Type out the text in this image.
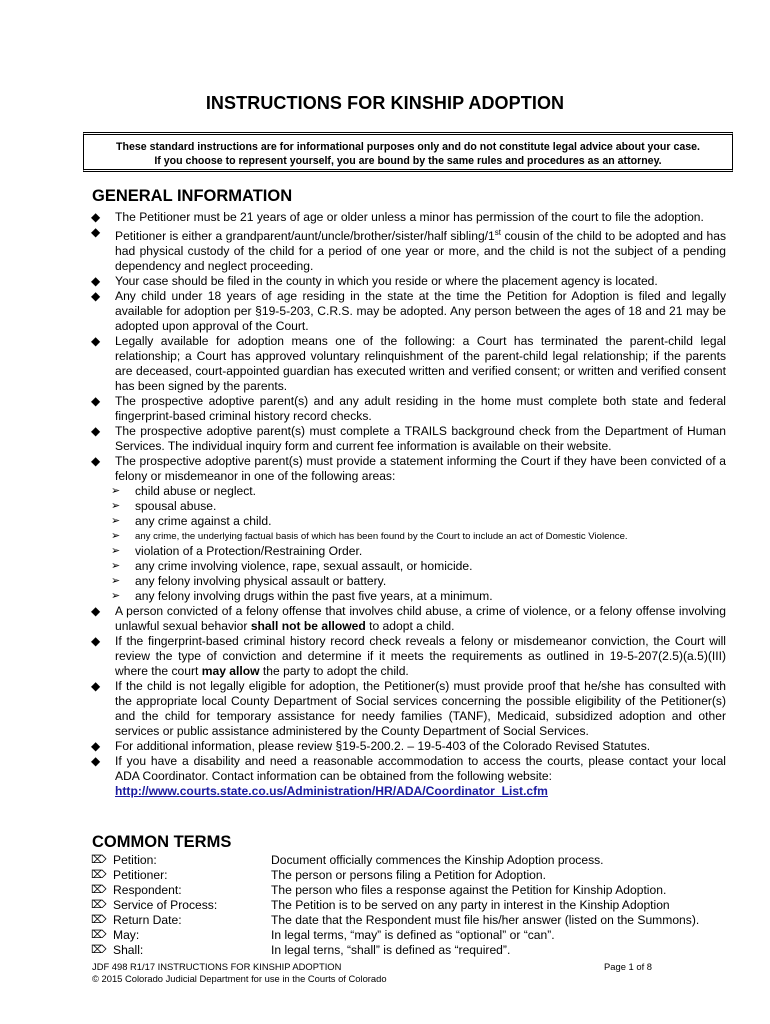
INSTRUCTIONS FOR KINSHIP ADOPTION
These standard instructions are for informational purposes only and do not constitute legal advice about your case.
If you choose to represent yourself, you are bound by the same rules and procedures as an attorney.
GENERAL INFORMATION
◆ The Petitioner must be 21 years of age or older unless a minor has permission of the court to file the adoption.
◆ Petitioner is either a grandparent/aunt/uncle/brother/sister/half sibling/1st cousin of the child to be adopted and has had physical custody of the child for a period of one year or more, and the child is not the subject of a pending dependency and neglect proceeding.
◆ Your case should be filed in the county in which you reside or where the placement agency is located.
◆ Any child under 18 years of age residing in the state at the time the Petition for Adoption is filed and legally available for adoption per §19-5-203, C.R.S. may be adopted. Any person between the ages of 18 and 21 may be adopted upon approval of the Court.
◆ Legally available for adoption means one of the following: a Court has terminated the parent-child legal relationship; a Court has approved voluntary relinquishment of the parent-child legal relationship; if the parents are deceased, court-appointed guardian has executed written and verified consent; or written and verified consent has been signed by the parents.
◆ The prospective adoptive parent(s) and any adult residing in the home must complete both state and federal fingerprint-based criminal history record checks.
◆ The prospective adoptive parent(s) must complete a TRAILS background check from the Department of Human Services. The individual inquiry form and current fee information is available on their website.
◆ The prospective adoptive parent(s) must provide a statement informing the Court if they have been convicted of a felony or misdemeanor in one of the following areas:
➢ child abuse or neglect.
➢ spousal abuse.
➢ any crime against a child.
➢ any crime, the underlying factual basis of which has been found by the Court to include an act of Domestic Violence.
➢ violation of a Protection/Restraining Order.
➢ any crime involving violence, rape, sexual assault, or homicide.
➢ any felony involving physical assault or battery.
➢ any felony involving drugs within the past five years, at a minimum.
◆ A person convicted of a felony offense that involves child abuse, a crime of violence, or a felony offense involving unlawful sexual behavior shall not be allowed to adopt a child.
◆ If the fingerprint-based criminal history record check reveals a felony or misdemeanor conviction, the Court will review the type of conviction and determine if it meets the requirements as outlined in 19-5-207(2.5)(a.5)(III) where the court may allow the party to adopt the child.
◆ If the child is not legally eligible for adoption, the Petitioner(s) must provide proof that he/she has consulted with the appropriate local County Department of Social services concerning the possible eligibility of the Petitioner(s) and the child for temporary assistance for needy families (TANF), Medicaid, subsidized adoption and other services or public assistance administered by the County Department of Social Services.
◆ For additional information, please review §19-5-200.2. – 19-5-403 of the Colorado Revised Statutes.
◆ If you have a disability and need a reasonable accommodation to access the courts, please contact your local ADA Coordinator. Contact information can be obtained from the following website:
http://www.courts.state.co.us/Administration/HR/ADA/Coordinator_List.cfm
COMMON TERMS
⌦ Petition:	Document officially commences the Kinship Adoption process.
⌦ Petitioner:	The person or persons filing a Petition for Adoption.
⌦ Respondent:	The person who files a response against the Petition for Kinship Adoption.
⌦ Service of Process:	The Petition is to be served on any party in interest in the Kinship Adoption
⌦ Return Date:	The date that the Respondent must file his/her answer (listed on the Summons).
⌦ May:	In legal terms, “may” is defined as “optional” or “can”.
⌦ Shall:	In legal terns, “shall” is defined as “required”.
JDF 498 R1/17 INSTRUCTIONS FOR KINSHIP ADOPTION	Page 1 of 8
© 2015 Colorado Judicial Department for use in the Courts of Colorado
